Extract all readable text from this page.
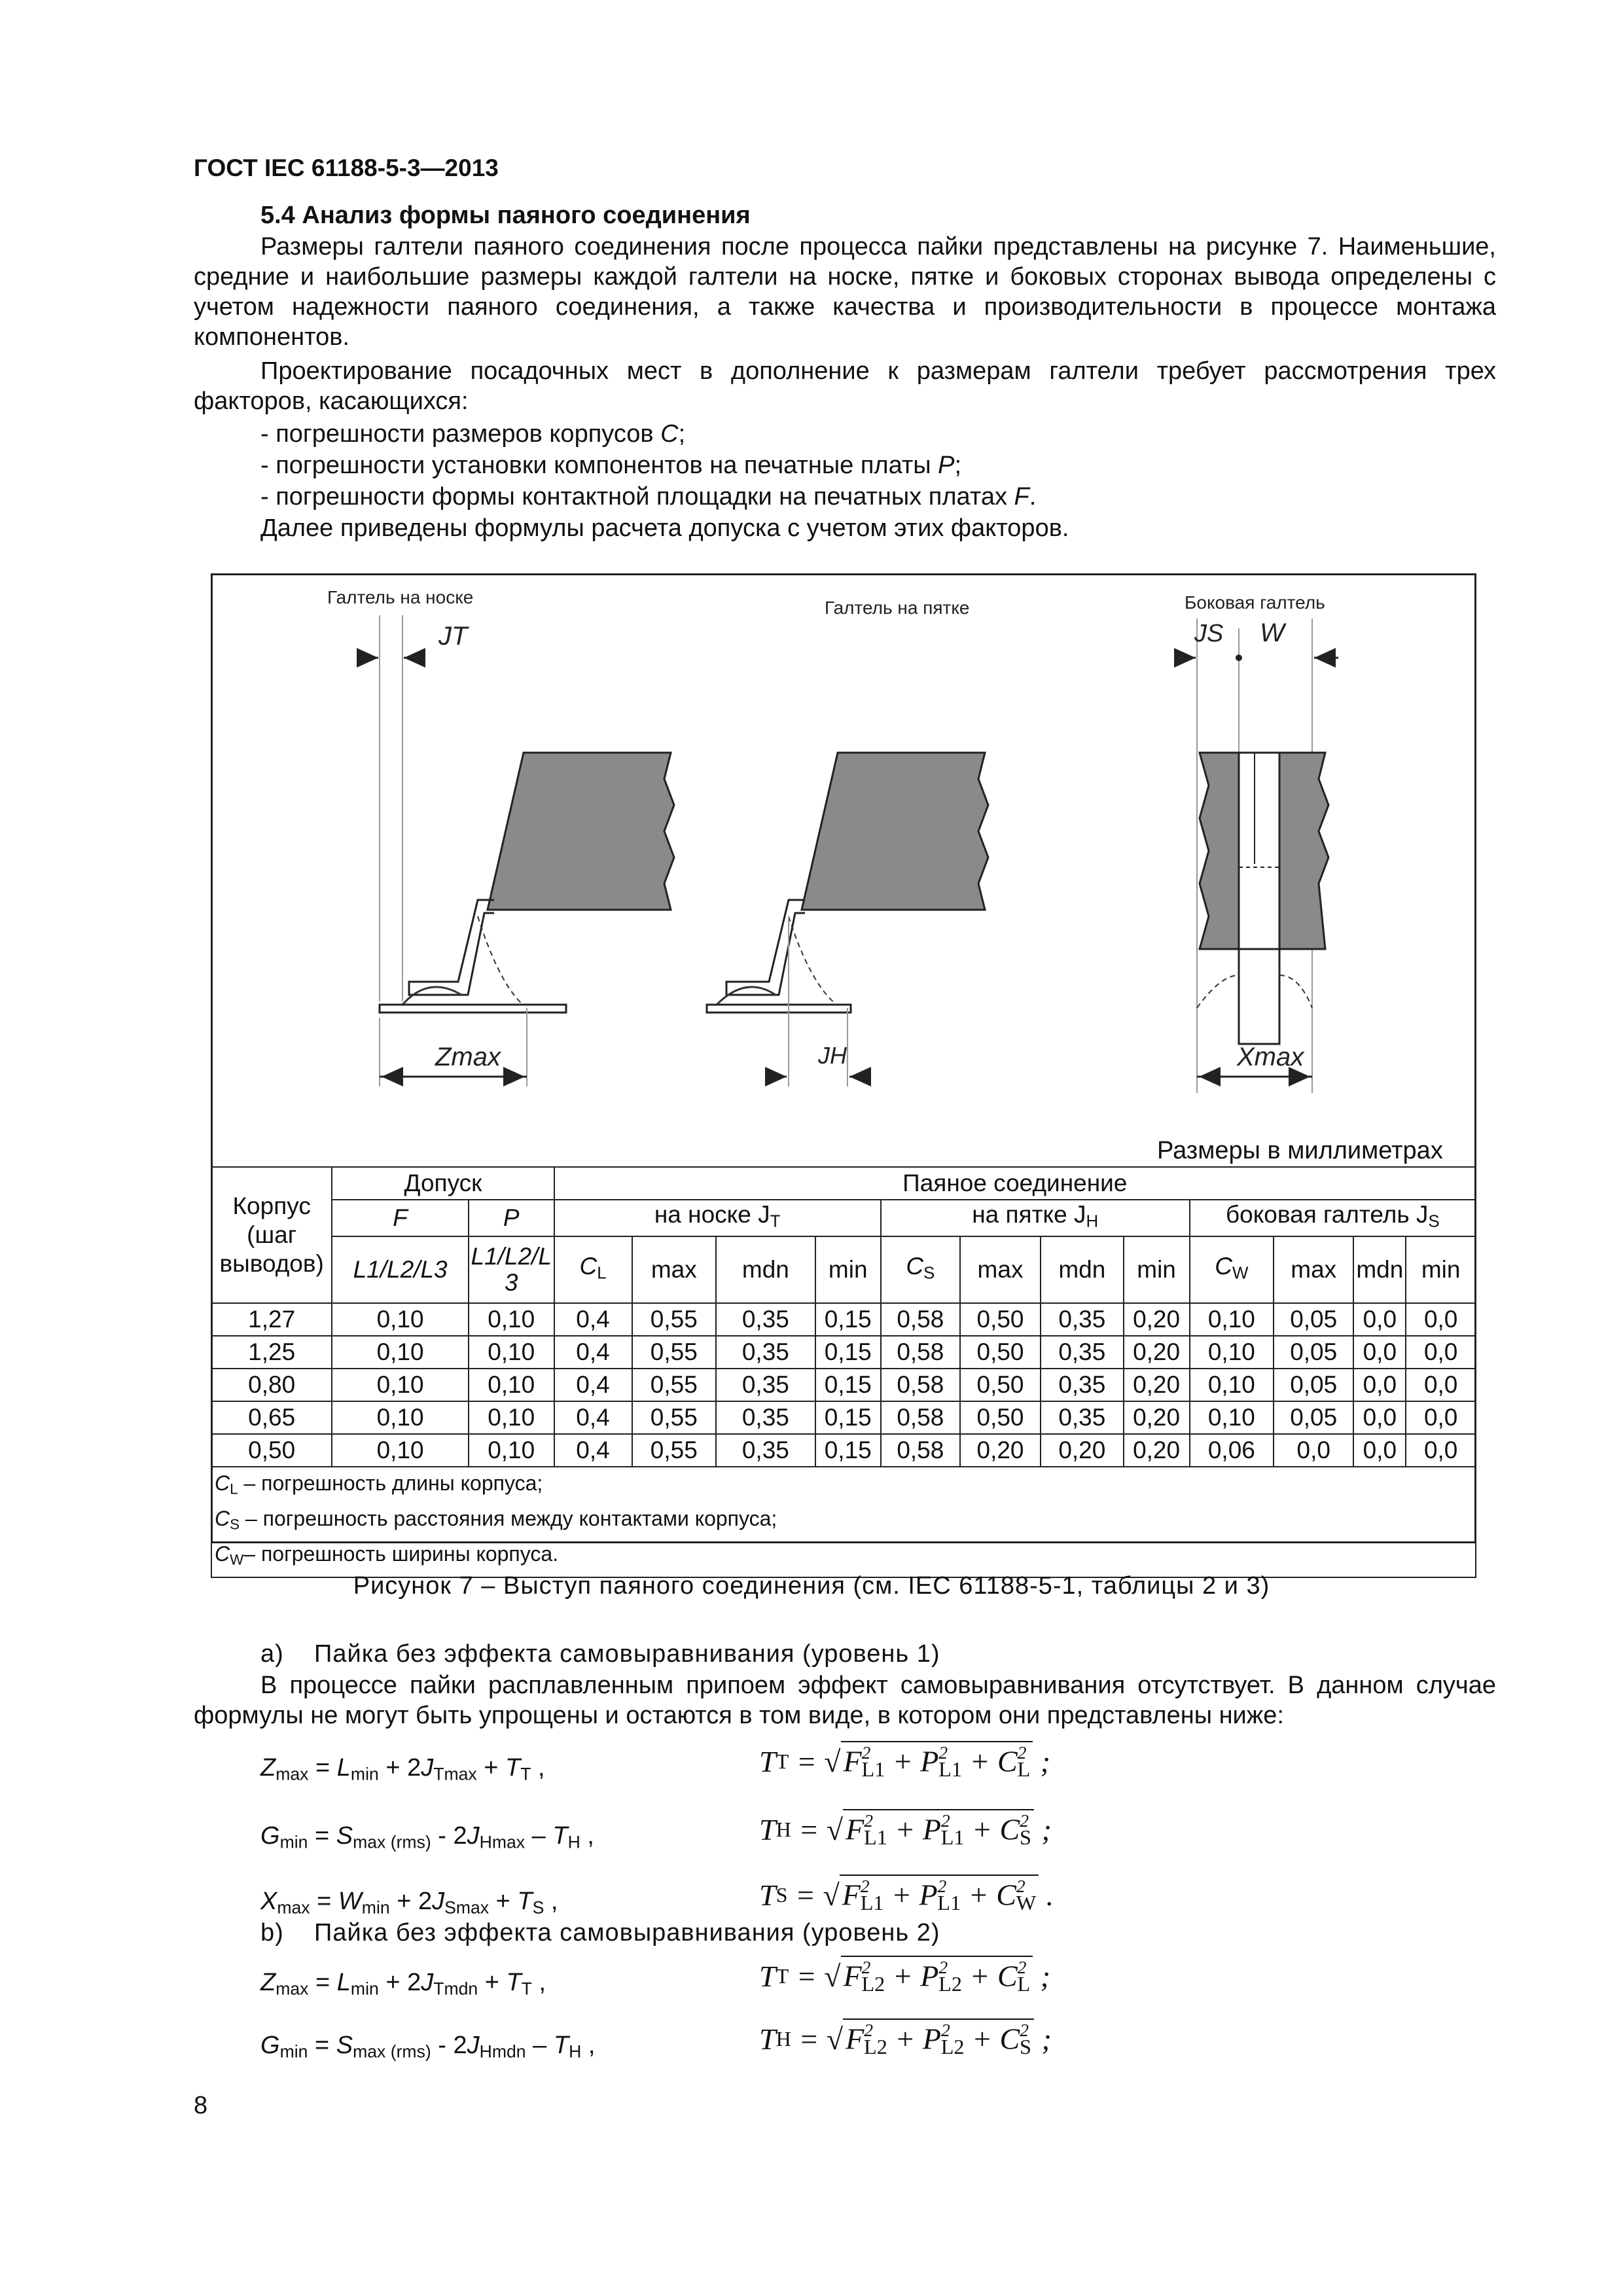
ГОСТ IEC 61188-5-3—2013
5.4 Анализ формы паяного соединения
Размеры галтели паяного соединения после процесса пайки представлены на рисунке 7. Наименьшие, средние и наибольшие размеры каждой галтели на носке, пятке и боковых сторонах вывода определены с учетом надежности паяного соединения, а также качества и производительности в процессе монтажа компонентов.
Проектирование посадочных мест в дополнение к размерам галтели требует рассмотрения трех факторов, касающихся:
- погрешности размеров корпусов C;
- погрешности установки компонентов на печатные платы P;
- погрешности формы контактной площадки на печатных платах F.
Далее приведены формулы расчета допуска с учетом этих факторов.
Галтель на носке
JT
Zmax
Галтель на пятке
JH
Боковая галтель
JS W
Xmax
Размеры в миллиметрах
Корпус (шаг выводов)	Допуск		Паяное соединение											
	F	P	на носке $J_T$				на пятке $J_H$				боковая галтель $J_S$
	L1/L2/L3	L1/L2/L 3	$C_L$	max	mdn	min	$C_S$	max	mdn	min	$C_W$	max	mdn	min
1,27	0,10	0,10	0,4	0,55	0,35	0,15	0,58	0,50	0,35	0,20	0,10	0,05	0,0	0,0
1,25	0,10	0,10	0,4	0,55	0,35	0,15	0,58	0,50	0,35	0,20	0,10	0,05	0,0	0,0
0,80	0,10	0,10	0,4	0,55	0,35	0,15	0,58	0,50	0,35	0,20	0,10	0,05	0,0	0,0
0,65	0,10	0,10	0,4	0,55	0,35	0,15	0,58	0,50	0,35	0,20	0,10	0,05	0,0	0,0
0,50	0,10	0,10	0,4	0,55	0,35	0,15	0,58	0,20	0,20	0,20	0,06	0,0	0,0	0,0

$C_L$ – погрешность длины корпуса;
$C_S$ – погрешность расстояния между контактами корпуса;
$C_W-$ погрешность ширины корпуса.														
Рисунок 7 – Выступ паяного соединения (см. IEC 61188-5-1, таблицы 2 и 3)
a)    Пайка без эффекта самовыравнивания (уровень 1)
В процессе пайки расплавленным припоем эффект самовыравнивания отсутствует. В данном случае формулы не могут быть упрощены и остаются в том виде, в котором они представлены ниже:
$Z_{max} = L_{min} + 2J_{Tmax} + T_T$ ,	T T = √ $F^2_{L1} + P^2_{L1} + C^2_L$ ;
$G_{min} = S_{max (rms)} - 2J_{Hmax} - T_H$ ,	T H = √ $F^2_{L1} + P^2_{L1} + C^2_S$ ;
$X_{max} = W_{min} + 2J_{Smax} + T_S$ ,	T S = √ $F^2_{L1} + P^2_{L1} + C^2_W$ .
b)    Пайка без эффекта самовыравнивания (уровень 2)
$Z_{max} = L_{min} + 2J_{Tmdn} + T_T$ ,	T T = √ $F^2_{L2} + P^2_{L2} + C^2_L$ ;
$G_{min} = S_{max (rms)} - 2J_{Hmdn} - T_H$ ,	T H = √ $F^2_{L2} + P^2_{L2} + C^2_S$ ;
8
